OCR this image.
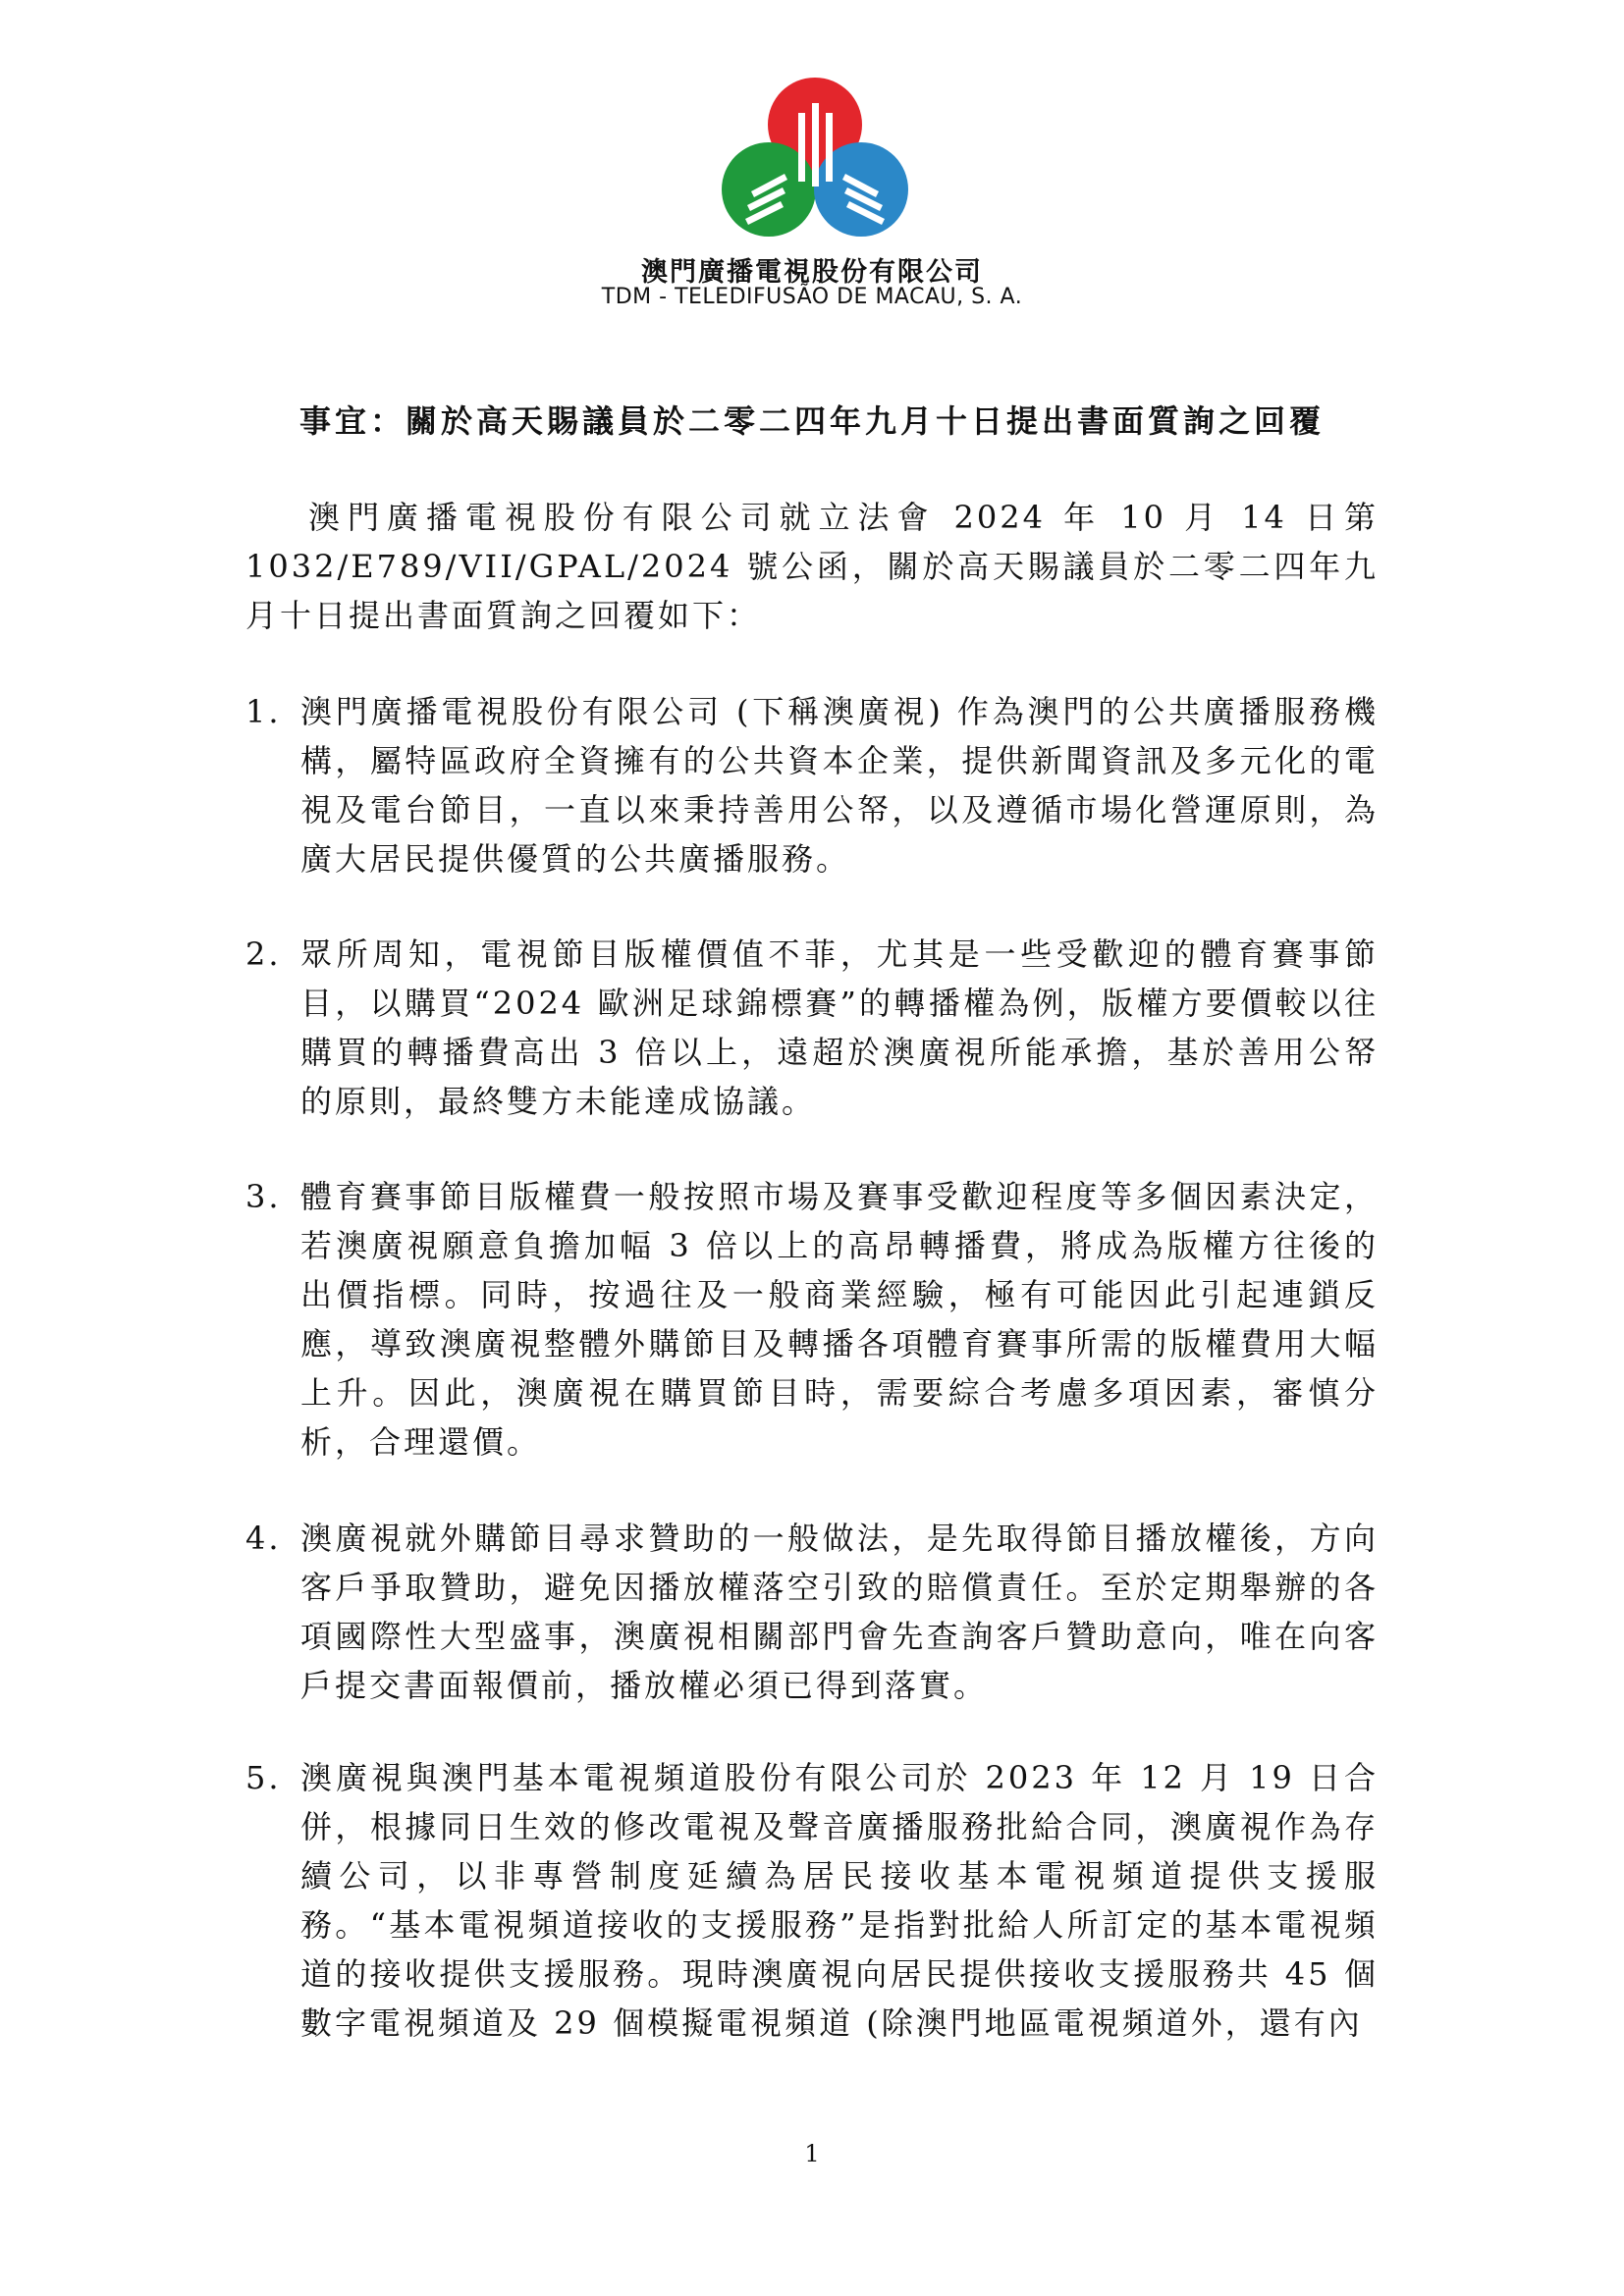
澳門廣播電視股份有限公司
TDM - TELEDIFUSÃO DE MACAU, S. A.
事宜：關於高天賜議員於二零二四年九月十日提出書面質詢之回覆

澳門廣播電視股份有限公司就立法會 2024 年 10 月 14 日第 1032/E789/VII/GPAL/2024 號公函，關於高天賜議員於二零二四年九月十日提出書面質詢之回覆如下：

1. 澳門廣播電視股份有限公司 (下稱澳廣視) 作為澳門的公共廣播服務機構，屬特區政府全資擁有的公共資本企業，提供新聞資訊及多元化的電視及電台節目，一直以來秉持善用公帑，以及遵循市場化營運原則，為廣大居民提供優質的公共廣播服務。
2. 眾所周知，電視節目版權價值不菲，尤其是一些受歡迎的體育賽事節目，以購買“2024 歐洲足球錦標賽”的轉播權為例，版權方要價較以往購買的轉播費高出 3 倍以上，遠超於澳廣視所能承擔，基於善用公帑的原則，最終雙方未能達成協議。
3. 體育賽事節目版權費一般按照市場及賽事受歡迎程度等多個因素決定，若澳廣視願意負擔加幅 3 倍以上的高昂轉播費，將成為版權方往後的出價指標。同時，按過往及一般商業經驗，極有可能因此引起連鎖反應，導致澳廣視整體外購節目及轉播各項體育賽事所需的版權費用大幅上升。因此，澳廣視在購買節目時，需要綜合考慮多項因素，審慎分析，合理還價。
4. 澳廣視就外購節目尋求贊助的一般做法，是先取得節目播放權後，方向客戶爭取贊助，避免因播放權落空引致的賠償責任。至於定期舉辦的各項國際性大型盛事，澳廣視相關部門會先查詢客戶贊助意向，唯在向客戶提交書面報價前，播放權必須已得到落實。
5. 澳廣視與澳門基本電視頻道股份有限公司於 2023 年 12 月 19 日合併，根據同日生效的修改電視及聲音廣播服務批給合同，澳廣視作為存續公司，以非專營制度延續為居民接收基本電視頻道提供支援服務。“基本電視頻道接收的支援服務”是指對批給人所訂定的基本電視頻道的接收提供支援服務。現時澳廣視向居民提供接收支援服務共 45 個數字電視頻道及 29 個模擬電視頻道 (除澳門地區電視頻道外，還有內
1
